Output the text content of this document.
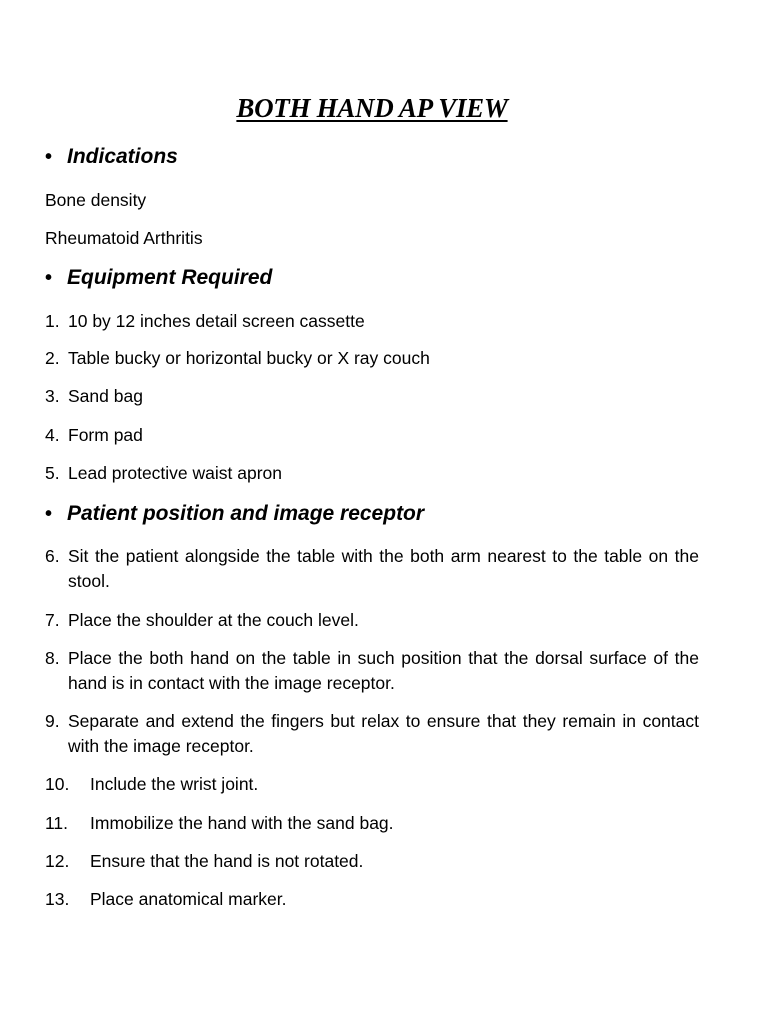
BOTH HAND AP VIEW
• Indications
Bone density
Rheumatoid Arthritis
• Equipment Required
1. 10 by 12 inches detail screen cassette
2. Table bucky or horizontal bucky or X ray couch
3. Sand bag
4. Form pad
5. Lead protective waist apron
• Patient position and image receptor
6. Sit the patient alongside the table with the both arm nearest to the table on the stool.
7. Place the shoulder at the couch level.
8. Place the both hand on the table in such position that the dorsal surface of the hand is in contact with the image receptor.
9. Separate and extend the fingers but relax to ensure that they remain in contact with the image receptor.
10.	Include the wrist joint.
11.	Immobilize the hand with the sand bag.
12.	Ensure that the hand is not rotated.
13.	Place anatomical marker.
